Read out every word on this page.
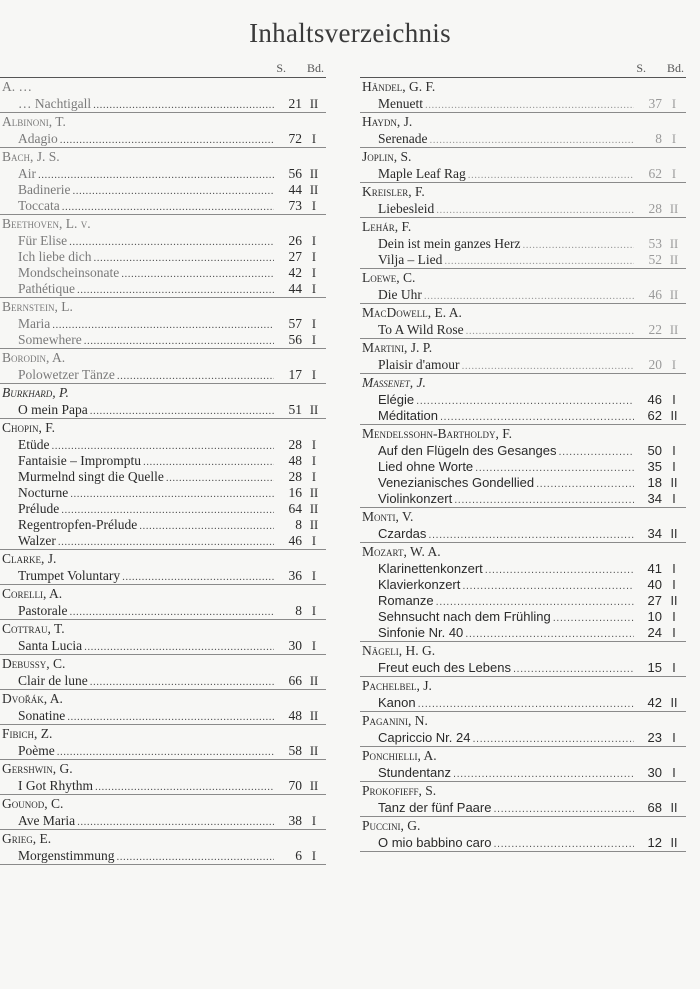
Inhaltsverzeichnis
S. Bd.
A. …
… Nachtigall .....	21 II
Albinoni, T.
Adagio .....	72 I
Bach, J. S.
Air .....	56 II
Badinerie .....	44 II
Toccata .....	73 I
Beethoven, L. v.
Für Elise .....	26 I
Ich liebe dich .....	27 I
Mondscheinsonate .....	42 I
Pathétique .....	44 I
Bernstein, L.
Maria .....	57 I
Somewhere .....	56 I
Borodin, A.
Polowetzer Tänze .....	17 I
Burkhard, P.
O mein Papa .....	51 II
Chopin, F.
Etüde .....	28 I
Fantaisie – Impromptu .....	48 I
Murmelnd singt die Quelle .....	28 I
Nocturne .....	16 II
Prélude .....	64 II
Regentropfen-Prélude .....	8 II
Walzer .....	46 I
Clarke, J.
Trumpet Voluntary .....	36 I
Corelli, A.
Pastorale .....	8 I
Cottrau, T.
Santa Lucia .....	30 I
Debussy, C.
Clair de lune .....	66 II
Dvořák, A.
Sonatine .....	48 II
Fibich, Z.
Poème .....	58 II
Gershwin, G.
I Got Rhythm .....	70 II
Gounod, C.
Ave Maria .....	38 I
Grieg, E.
Morgenstimmung .....	6 I
S. Bd.
Händel, G. F.
Menuett .....	37 I
Haydn, J.
Serenade .....	8 I
Joplin, S.
Maple Leaf Rag .....	62 I
Kreisler, F.
Liebesleid .....	28 II
Lehár, F.
Dein ist mein ganzes Herz .....	53 II
Vilja – Lied .....	52 II
Loewe, C.
Die Uhr .....	46 II
MacDowell, E. A.
To A Wild Rose .....	22 II
Martini, J. P.
Plaisir d'amour .....	20 I
Massenet, J.
Elégie .....	46 I
Méditation .....	62 II
Mendelssohn-Bartholdy, F.
Auf den Flügeln des Gesanges .....	50 I
Lied ohne Worte .....	35 I
Venezianisches Gondellied .....	18 II
Violinkonzert .....	34 I
Monti, V.
Czardas .....	34 II
Mozart, W. A.
Klarinettenkonzert .....	41 I
Klavierkonzert .....	40 I
Romanze .....	27 II
Sehnsucht nach dem Frühling .....	10 I
Sinfonie Nr. 40 .....	24 I
Nägeli, H. G.
Freut euch des Lebens .....	15 I
Pachelbel, J.
Kanon .....	42 II
Paganini, N.
Capriccio Nr. 24 .....	23 I
Ponchielli, A.
Stundentanz .....	30 I
Prokofieff, S.
Tanz der fünf Paare .....	68 II
Puccini, G.
O mio babbino caro .....	12 II
